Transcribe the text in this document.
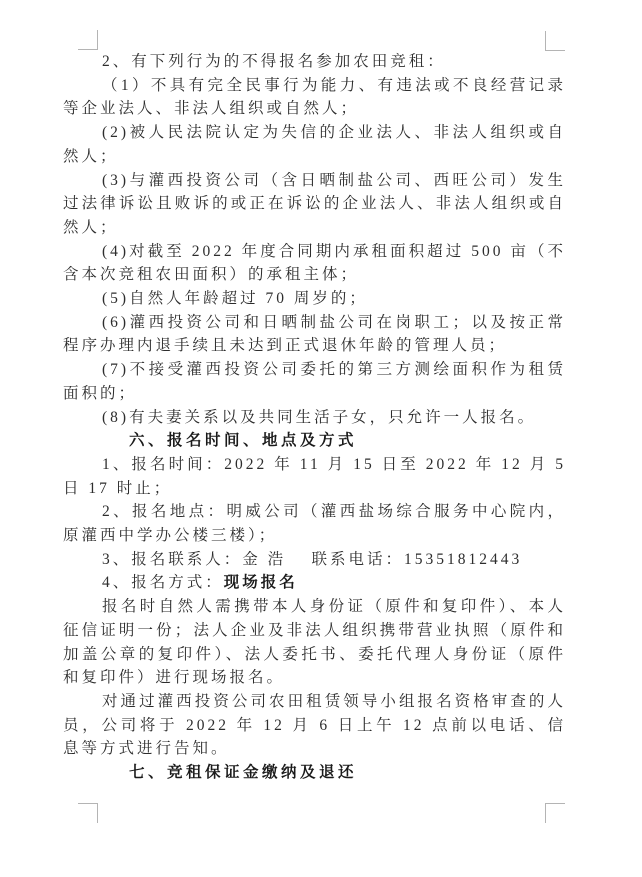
2、有下列行为的不得报名参加农田竞租：

（1）不具有完全民事行为能力、有违法或不良经营记录等企业法人、非法人组织或自然人；

(2)被人民法院认定为失信的企业法人、非法人组织或自然人；

(3)与灌西投资公司（含日晒制盐公司、西旺公司）发生过法律诉讼且败诉的或正在诉讼的企业法人、非法人组织或自然人；

(4)对截至 2022 年度合同期内承租面积超过 500 亩（不含本次竞租农田面积）的承租主体；

(5)自然人年龄超过 70 周岁的；

(6)灌西投资公司和日晒制盐公司在岗职工；以及按正常程序办理内退手续且未达到正式退休年龄的管理人员；

(7)不接受灌西投资公司委托的第三方测绘面积作为租赁面积的；

(8)有夫妻关系以及共同生活子女，只允许一人报名。

六、报名时间、地点及方式

1、报名时间：2022 年 11 月 15 日至 2022 年 12 月 5 日 17 时止；

2、报名地点：明威公司（灌西盐场综合服务中心院内，原灌西中学办公楼三楼）；

3、报名联系人：金 浩　 联系电话：15351812443

4、报名方式：现场报名

报名时自然人需携带本人身份证（原件和复印件）、本人征信证明一份；法人企业及非法人组织携带营业执照（原件和加盖公章的复印件）、法人委托书、委托代理人身份证（原件和复印件）进行现场报名。

对通过灌西投资公司农田租赁领导小组报名资格审查的人员，公司将于 2022 年 12 月 6 日上午 12 点前以电话、信息等方式进行告知。

七、竞租保证金缴纳及退还
